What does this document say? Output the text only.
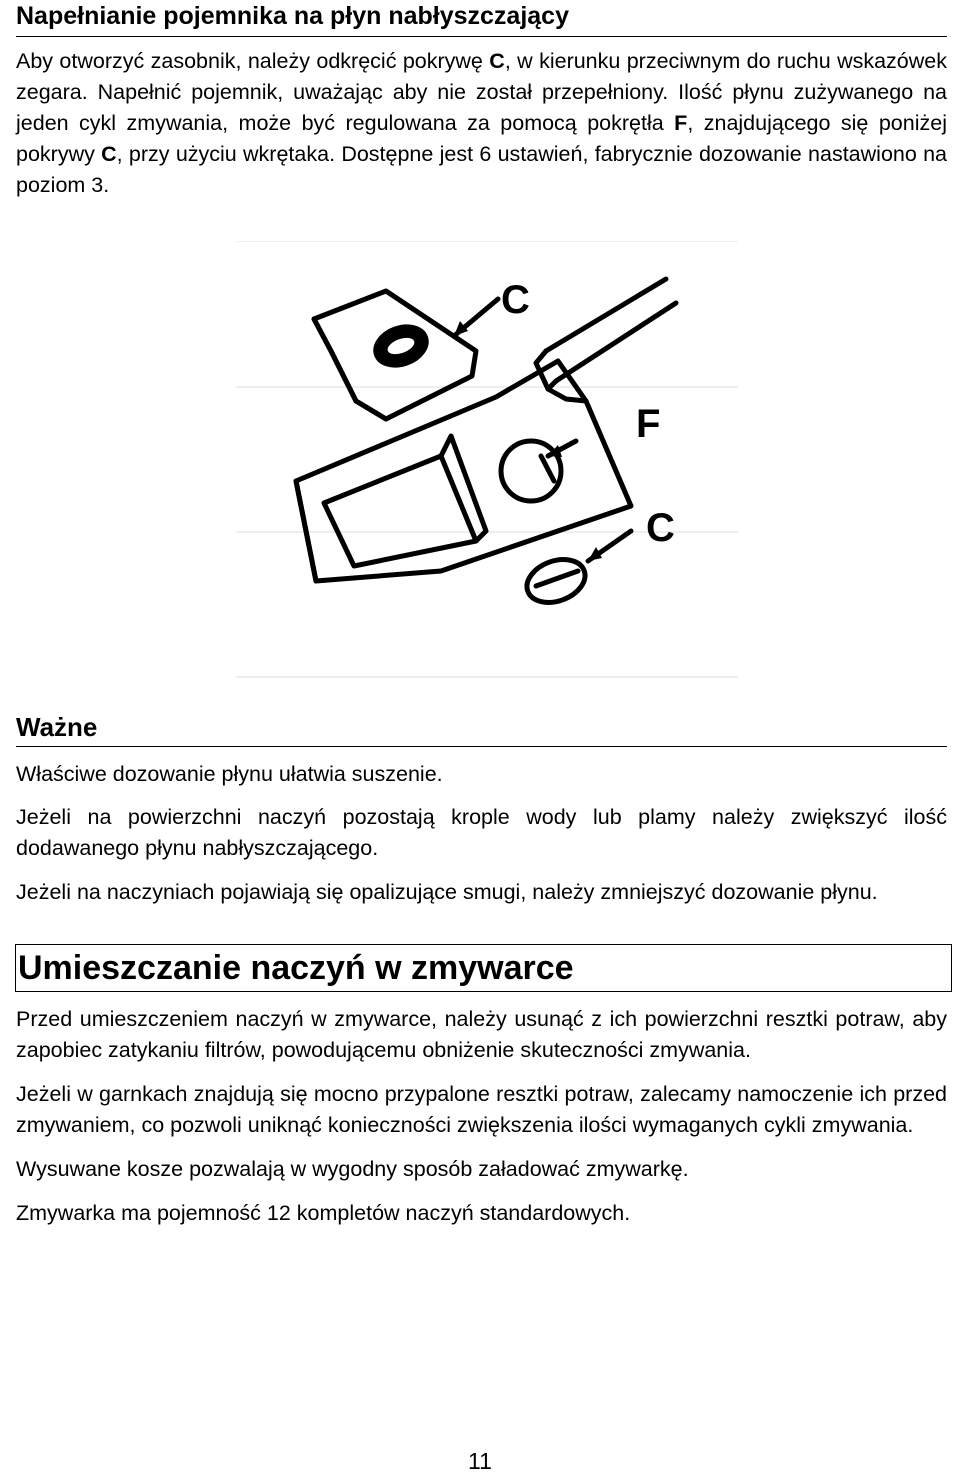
Napełnianie pojemnika na płyn nabłyszczający

Aby otworzyć zasobnik, należy odkręcić pokrywę C, w kierunku przeciwnym do ruchu wskazówek zegara. Napełnić pojemnik, uważając aby nie został przepełniony. Ilość płynu zużywanego na jeden cykl zmywania, może być regulowana za pomocą pokrętła F, znajdującego się poniżej pokrywy C, przy użyciu wkrętaka. Dostępne jest 6 ustawień, fabrycznie dozowanie nastawiono na poziom 3.

C
F
C
Ważne

Właściwe dozowanie płynu ułatwia suszenie.

Jeżeli na powierzchni naczyń pozostają krople wody lub plamy należy zwiększyć ilość dodawanego płynu nabłyszczającego.

Jeżeli na naczyniach pojawiają się opalizujące smugi, należy zmniejszyć dozowanie płynu.

Umieszczanie naczyń w zmywarce

Przed umieszczeniem naczyń w zmywarce, należy usunąć z ich powierzchni resztki potraw, aby zapobiec zatykaniu filtrów, powodującemu obniżenie skuteczności zmywania.

Jeżeli w garnkach znajdują się mocno przypalone resztki potraw, zalecamy namoczenie ich przed zmywaniem, co pozwoli uniknąć konieczności zwiększenia ilości wymaganych cykli zmywania.

Wysuwane kosze pozwalają w wygodny sposób załadować zmywarkę.

Zmywarka ma pojemność 12 kompletów naczyń standardowych.

11
